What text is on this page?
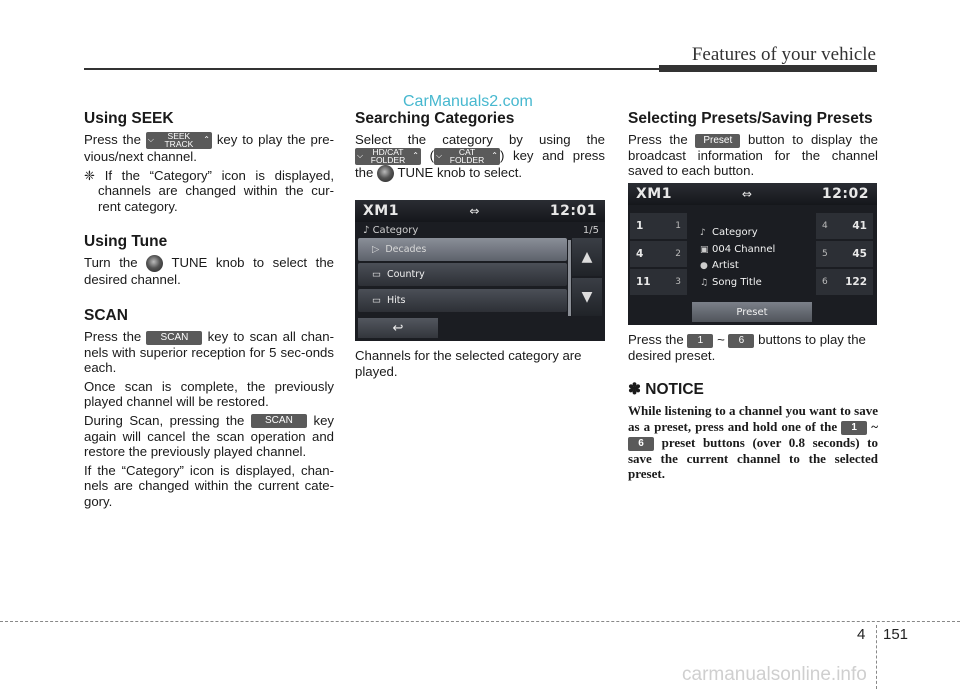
Features of your vehicle
CarManuals2.com
Using SEEK

Press the ⌵	SEEK
TRACK	⌃ key to play the pre-vious/next channel.

❈ If the “Category” icon is displayed, channels are changed within the cur-rent category.

Using Tune

Turn the	TUNE knob to select the desired channel.

SCAN

Press the SCAN key to scan all chan-nels with superior reception for 5 sec-onds each.

Once scan is complete, the previously played channel will be restored.

During Scan, pressing the SCAN key again will cancel the scan operation and restore the previously played channel.

If the “Category” icon is displayed, chan-nels are changed within the current cate-gory.

Searching Categories

Select the category by using the
⌵	HD/CAT
FOLDER ⌃ ( ⌵	CAT
FOLDER ⌃ ) key and press the TUNE knob to select.

XM1	⇔	12:01
♪ Category	1/5
▷ Decades
▭ Country
▭ Hits
▲
▼
↩
Channels for the selected category are played.
Selecting Presets/Saving Presets

Press the Preset button to display the broadcast information for the channel saved to each button.

XM1	⇔	12:02
1	1
4	2
11	3
4 41
5 45
6 122
♪ Category
▣ 004 Channel
● Artist
♫ Song Title
Preset
Press the 1 ~ 6 buttons to play the desired preset.
✽ NOTICE
While listening to a channel you want to save as a preset, press and hold one of the 1 ~ 6 preset buttons (over 0.8 seconds) to save the current channel to the selected preset.
4 151
carmanualsonline.info
